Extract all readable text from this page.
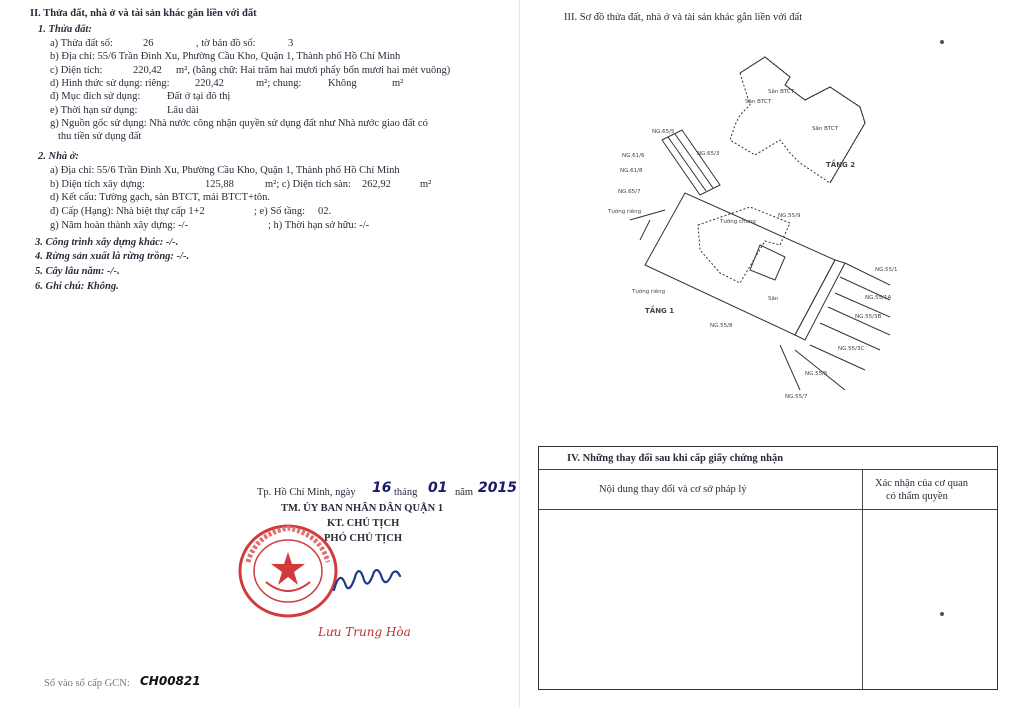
II. Thửa đất, nhà ở và tài sản khác gắn liền với đất
1. Thửa đất:
a) Thửa đất số:	26	, tờ bản đồ số:	3
b) Địa chỉ: 55/6 Trần Đình Xu, Phường Cầu Kho, Quận 1, Thành phố Hồ Chí Minh
c) Diện tích:	220,42 m², (bằng chữ: Hai trăm hai mươi phẩy bốn mươi hai mét vuông)
d) Hình thức sử dụng: riêng: 220,42	m²; chung:	Không	m²
đ) Mục đích sử dụng:	Đất ở tại đô thị
e) Thời hạn sử dụng:	Lâu dài
g) Nguồn gốc sử dụng: Nhà nước công nhận quyền sử dụng đất như Nhà nước giao đất có
thu tiền sử dụng đất
2. Nhà ở:
a) Địa chỉ: 55/6 Trần Đình Xu, Phường Cầu Kho, Quận 1, Thành phố Hồ Chí Minh
b) Diện tích xây dựng:	125,88	m²; c) Diện tích sàn: 262,92	m²
d) Kết cấu: Tường gạch, sàn BTCT, mái BTCT+tôn.
đ) Cấp (Hạng): Nhà biệt thự cấp 1+2	; e) Số tầng: 02.
g) Năm hoàn thành xây dựng: -/-	; h) Thời hạn sở hữu: -/-
3. Công trình xây dựng khác: -/-.
4. Rừng sản xuất là rừng trồng: -/-.
5. Cây lâu năm: -/-.
6. Ghi chú: Không.
Tp. Hồ Chí Minh, ngày 16 tháng 01 năm 2015
TM. ỦY BAN NHÂN DÂN QUẬN 1
KT. CHỦ TỊCH
PHÓ CHỦ TỊCH
Lưu Trung Hòa
Số vào sổ cấp GCN: CH00821
III. Sơ đồ thửa đất, nhà ở và tài sản khác gắn liền với đất
Sân BTCT
Sân BTCT
Sân BTCT
TẦNG 2
Tường riêng
Tường chung
Tường riêng
TẦNG 1
NG.65/5
NG.65/7
NG.65/3
NG.61/8
NG.55/9
NG.55/1
NG.55/1A
NG.55/3B
NG.55/3C
NG.55/5
NG.55/7
NG.55/8
NG.61/6
Sân
IV. Những thay đổi sau khi cấp giấy chứng nhận
Nội dung thay đổi và cơ sở pháp lý
Xác nhận của cơ quan
có thẩm quyền
